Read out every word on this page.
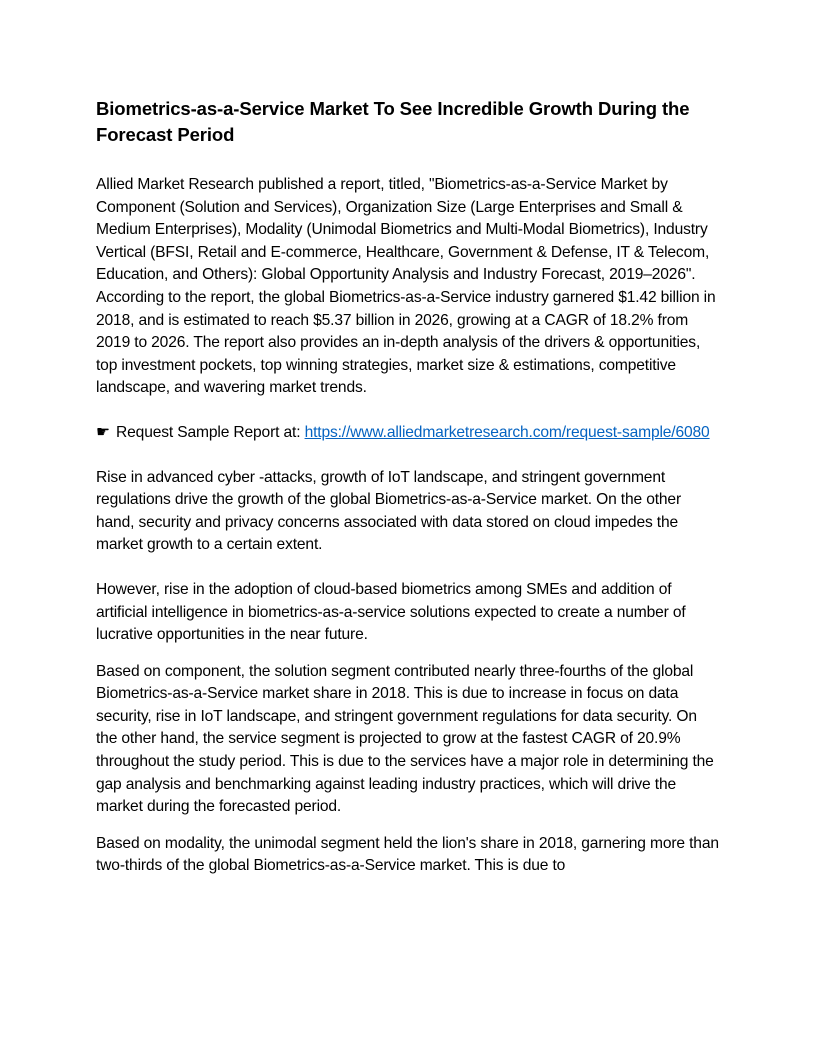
Biometrics-as-a-Service Market To See Incredible Growth During the Forecast Period

Allied Market Research published a report, titled, "Biometrics-as-a-Service Market by Component (Solution and Services), Organization Size (Large Enterprises and Small & Medium Enterprises), Modality (Unimodal Biometrics and Multi-Modal Biometrics), Industry Vertical (BFSI, Retail and E-commerce, Healthcare, Government & Defense, IT & Telecom, Education, and Others): Global Opportunity Analysis and Industry Forecast, 2019–2026". According to the report, the global Biometrics-as-a-Service industry garnered $1.42 billion in 2018, and is estimated to reach $5.37 billion in 2026, growing at a CAGR of 18.2% from 2019 to 2026. The report also provides an in-depth analysis of the drivers & opportunities, top investment pockets, top winning strategies, market size & estimations, competitive landscape, and wavering market trends.

☛ Request Sample Report at: https://www.alliedmarketresearch.com/request-sample/6080

Rise in advanced cyber -attacks, growth of IoT landscape, and stringent government regulations drive the growth of the global Biometrics-as-a-Service market. On the other hand, security and privacy concerns associated with data stored on cloud impedes the market growth to a certain extent.

However, rise in the adoption of cloud-based biometrics among SMEs and addition of artificial intelligence in biometrics-as-a-service solutions expected to create a number of lucrative opportunities in the near future.

Based on component, the solution segment contributed nearly three-fourths of the global Biometrics-as-a-Service market share in 2018. This is due to increase in focus on data security, rise in IoT landscape, and stringent government regulations for data security. On the other hand, the service segment is projected to grow at the fastest CAGR of 20.9% throughout the study period. This is due to the services have a major role in determining the gap analysis and benchmarking against leading industry practices, which will drive the market during the forecasted period.

Based on modality, the unimodal segment held the lion's share in 2018, garnering more than two-thirds of the global Biometrics-as-a-Service market. This is due to
